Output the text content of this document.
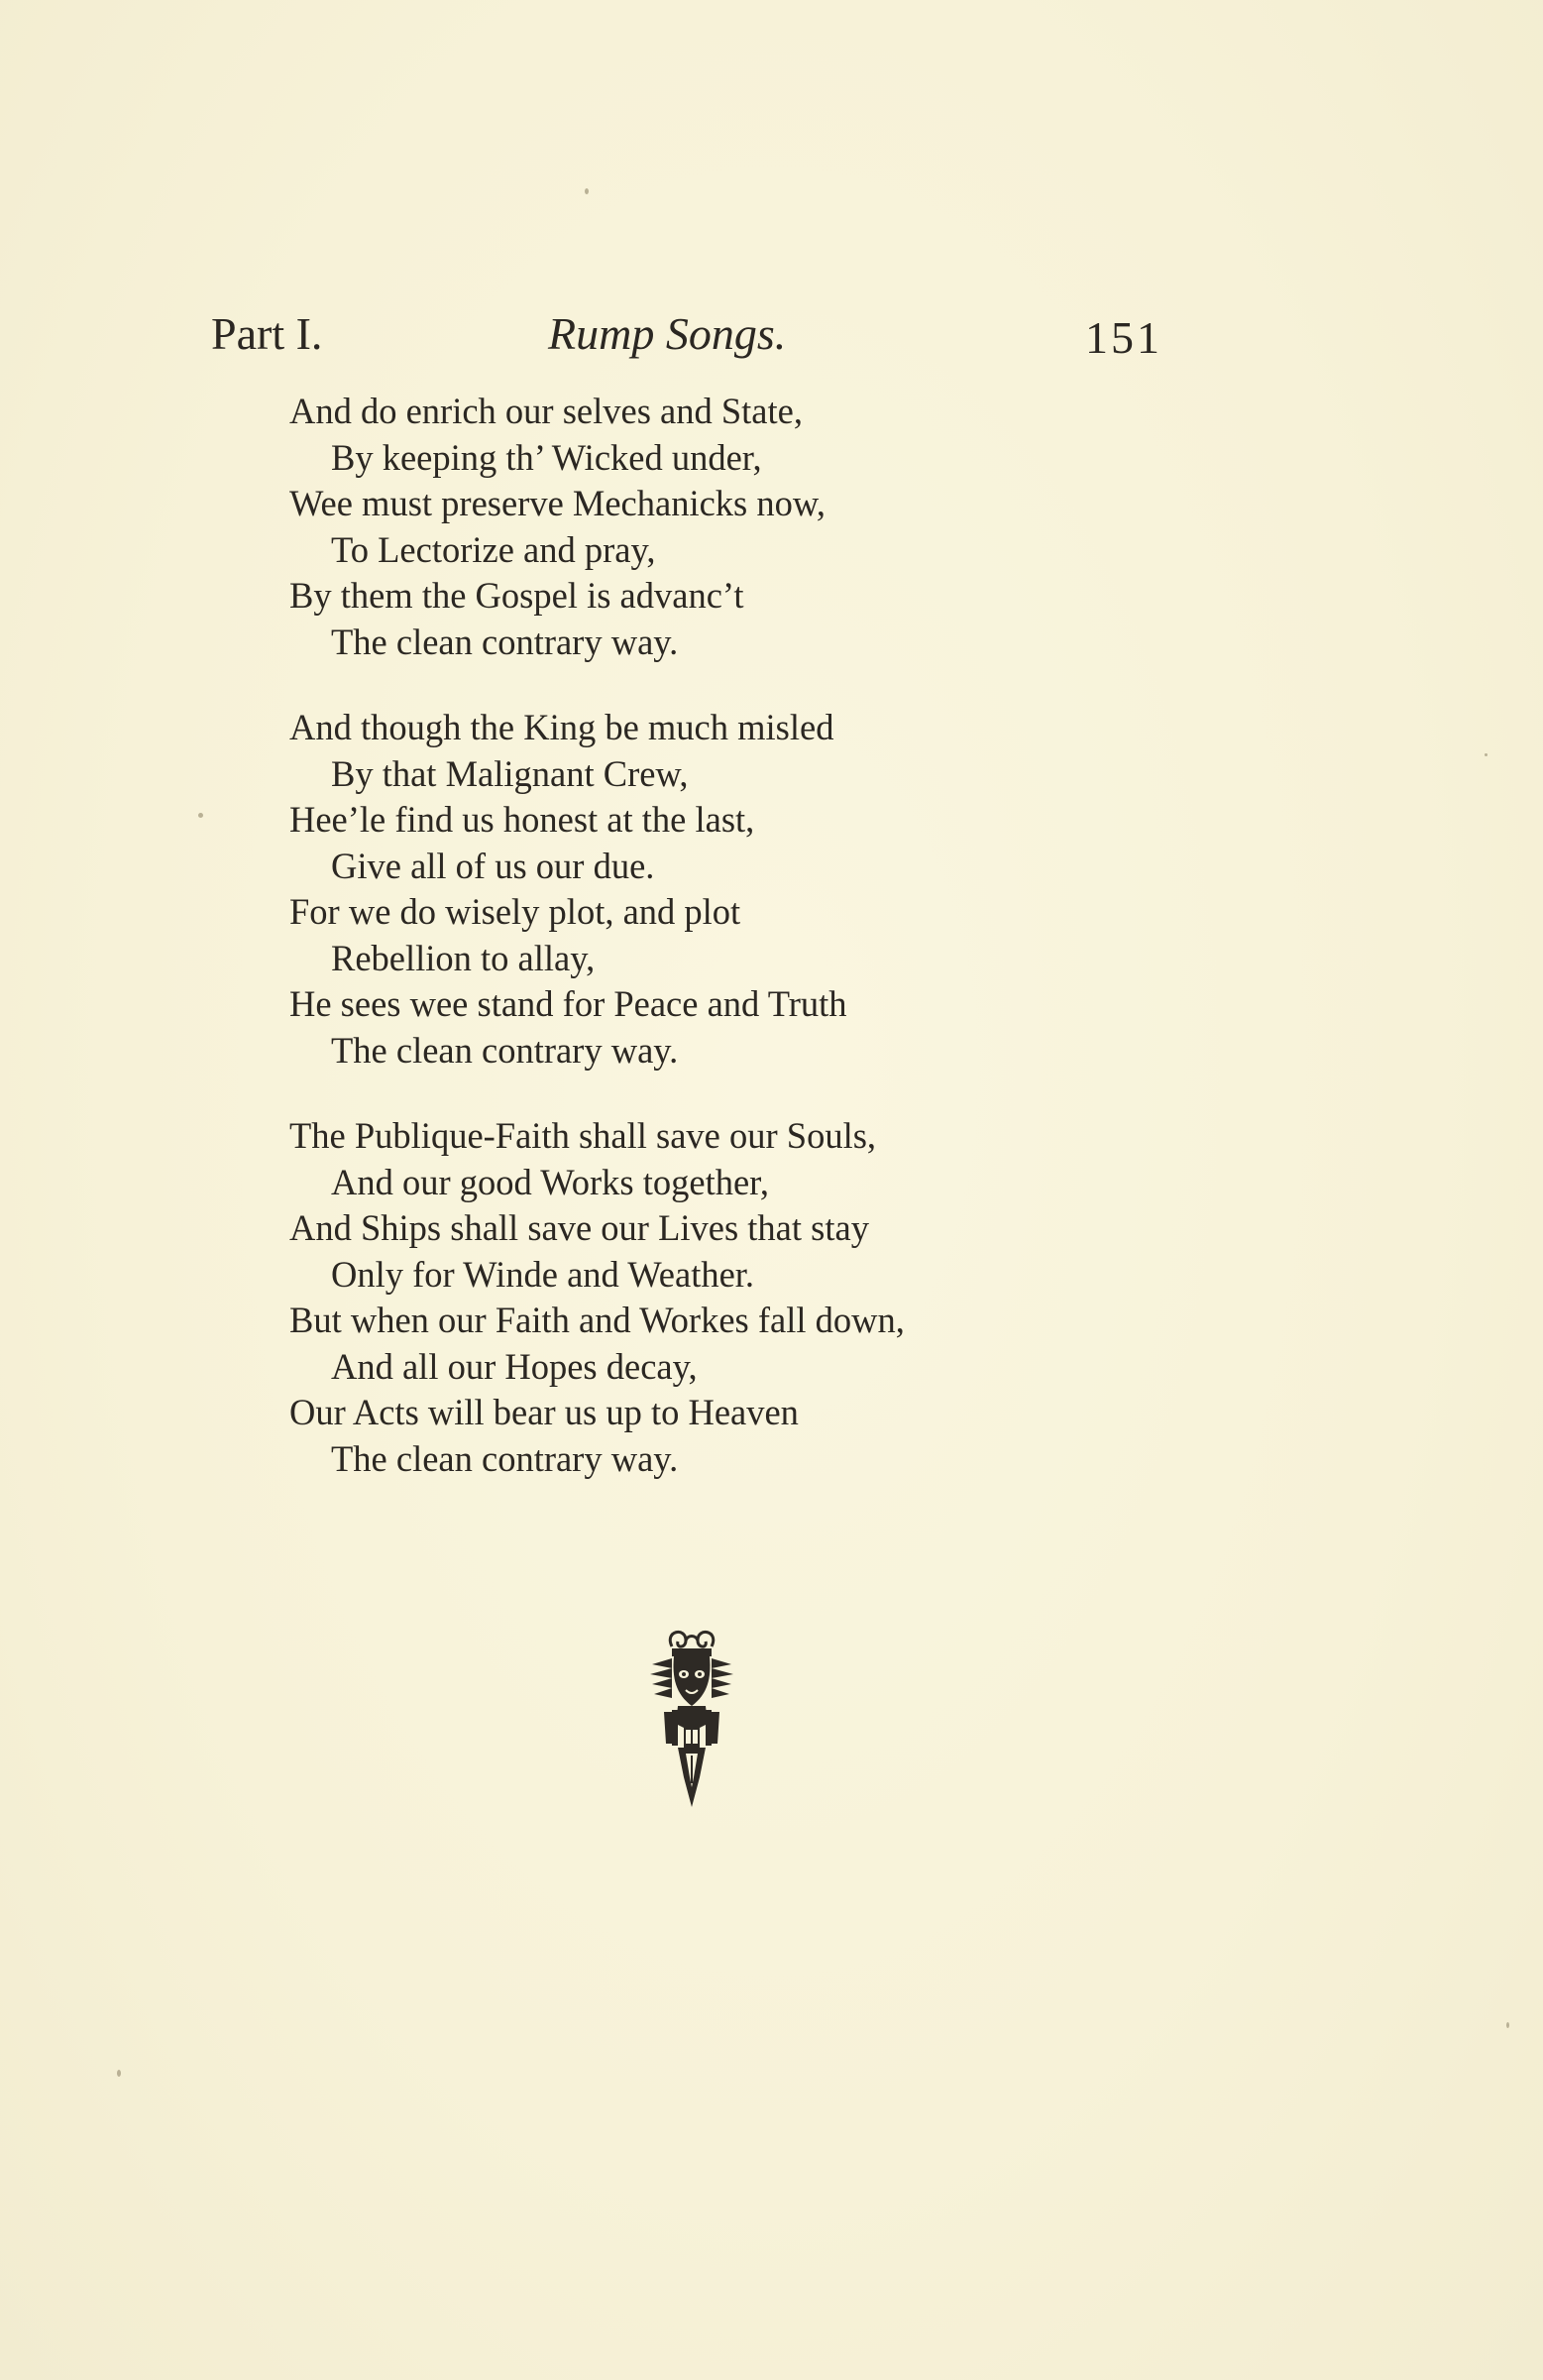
Part I.	Rump Songs.	151
And do enrich our selves and State,
By keeping th’ Wicked under,
Wee must preserve Mechanicks now,
To Lectorize and pray,
By them the Gospel is advanc’t
The clean contrary way.
And though the King be much misled
By that Malignant Crew,
Hee’le find us honest at the last,
Give all of us our due.
For we do wisely plot, and plot
Rebellion to allay,
He sees wee stand for Peace and Truth
The clean contrary way.
The Publique-Faith shall save our Souls,
And our good Works together,
And Ships shall save our Lives that stay
Only for Winde and Weather.
But when our Faith and Workes fall down,
And all our Hopes decay,
Our Acts will bear us up to Heaven
The clean contrary way.
